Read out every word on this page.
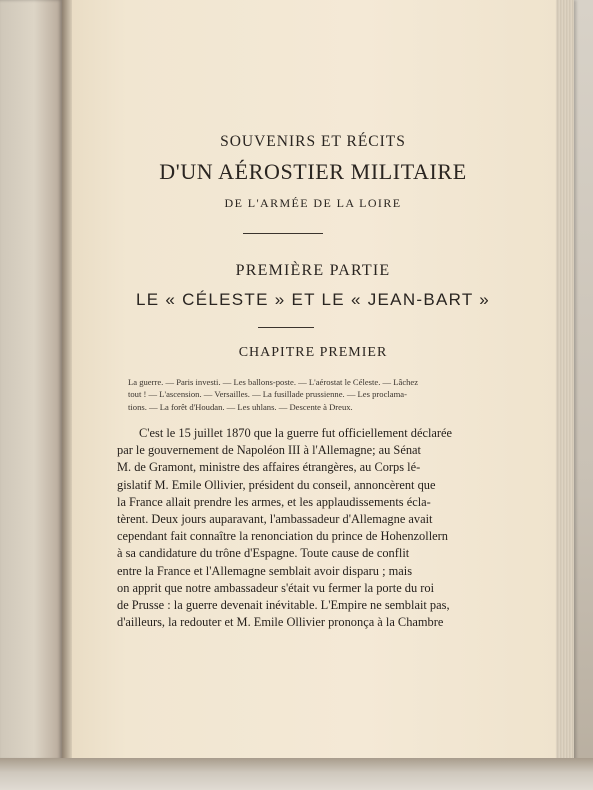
SOUVENIRS ET RÉCITS
D'UN AÉROSTIER MILITAIRE
DE L'ARMÉE DE LA LOIRE
PREMIÈRE PARTIE
LE « CÉLESTE » ET LE « JEAN-BART »
CHAPITRE PREMIER

La guerre. — Paris investi. — Les ballons-poste. — L'aérostat le Céleste. — Lâchez

tout ! — L'ascension. — Versailles. — La fusillade prussienne. — Les proclama-

tions. — La forêt d'Houdan. — Les uhlans. — Descente à Dreux.

C'est le 15 juillet 1870 que la guerre fut officiellement déclarée

par le gouvernement de Napoléon III à l'Allemagne; au Sénat

M. de Gramont, ministre des affaires étrangères, au Corps lé-

gislatif M. Emile Ollivier, président du conseil, annoncèrent que

la France allait prendre les armes, et les applaudissements écla-

tèrent. Deux jours auparavant, l'ambassadeur d'Allemagne avait

cependant fait connaître la renonciation du prince de Hohenzollern

à sa candidature du trône d'Espagne. Toute cause de conflit

entre la France et l'Allemagne semblait avoir disparu ; mais

on apprit que notre ambassadeur s'était vu fermer la porte du roi

de Prusse : la guerre devenait inévitable. L'Empire ne semblait pas,

d'ailleurs, la redouter et M. Emile Ollivier prononça à la Chambre
